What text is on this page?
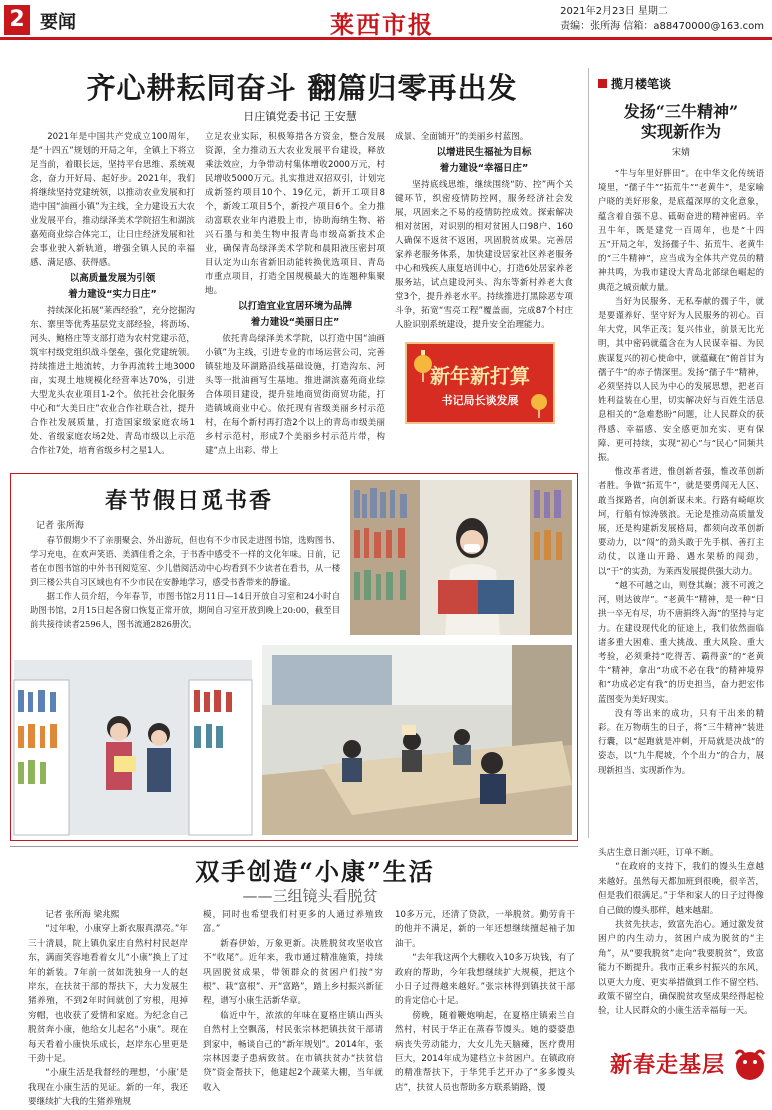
2 要闻	莱西市报	2021年2月23日 星期二
责编：张所海 信箱：a88470000@163.com
齐心耕耘同奋斗 翻篇归零再出发
日庄镇党委书记 王安慧

2021年是中国共产党成立100周年，是“十四五”规划的开局之年，全镇上下将立足当前，着眼长远，坚持平台思维、系统观念，奋力开好局、起好步。2021年，我们将继续坚持党建统领，以推动农业发展和打造中国“油画小镇”为主线，全力建设五大农业发展平台，推动绿泽美术学院招生和湖滨嘉苑商业综合体完工，让日庄经济发展和社会事业驶入新轨道，增强全镇人民的幸福感、满足感、获得感。

以高质量发展为引领
着力建设“实力日庄”

持续深化拓展“莱西经验”，充分挖掘沟东、寨里等优秀基层党支部经验，将沥场、河头、鲍格庄等支部打造为农村党建示范，筑牢村级党组织战斗堡垒，强化党建统领。持续推进土地流转，力争再流转土地3000亩，实现土地规模化经营率达70%，引进大型龙头农业项目1-2个。依托社会化服务中心和“大美日庄”农业合作社联合社，提升合作社发展质量，打造国家级家庭农场1处、省级家庭农场2处、青岛市级以上示范合作社7处，培育省级乡村之星1人。

立足农业实际，积极筹措各方资金，整合发展资源，全力推动五大农业发展平台建设，释放乘法效应，力争带动村集体增收2000万元，村民增收5000万元。扎实推进双招双引，计划完成新签约项目10个、19亿元，新开工项目8个，新竣工项目5个，新投产项目6个。全力推动富联农业年内港股上市，协助海纳生物、裕兴石墨与和美生物申报青岛市级高新技术企业，确保青岛绿泽美术学院和晨阳液压密封项目认定为山东省新旧动能转换优选项目、青岛市重点项目，打造全国规模最大的连翘种集聚地。

以打造宜业宜居环境为品牌
着力建设“美丽日庄”

依托青岛绿泽美术学院，以打造中国“油画小镇”为主线，引进专业的市场运营公司，完善镇驻地及环湖路沿线基础设施，打造沟东、河头等一批油画写生基地。推进湖滨嘉苑商业综合体项目建设，提升驻地商贸街商贸功能，打造镇域商业中心。依托现有省级美丽乡村示范村，在每个新村再打造2个以上的青岛市级美丽乡村示范村，形成7个美丽乡村示范片带，构建“点上出彩、带上

成景、全面铺开”的美丽乡村蓝图。

以增进民生福祉为目标
着力建设“幸福日庄”

坚持底线思维，继续围绕“防、控”两个关键环节，织密疫情防控网，服务经济社会发展，巩固来之不易的疫情防控成效。探索解决相对贫困，对识别的相对贫困人口98户、160人确保不返贫不返困，巩固脱贫成果。完善居家养老服务体系，加快建设居家社区养老服务中心和残疾人康复培训中心，打造6处居家养老服务站，试点建设河头、沟东等新村养老大食堂3个，提升养老水平。持续推进打黑除恶专项斗争，拓宽“雪亮工程”覆盖面，完成87个村庄人脸识别系统建设，提升安全治理能力。

新年新打算
书记局长谈发展
揽月楼笔谈
发扬“三牛精神”
实现新作为
宋婧

“牛与年里好胖田”。在中华文化传统语境里，“孺子牛”“拓荒牛”“老黄牛”，是家喻户晓的美好形象，是底蕴深厚的文化意象，蕴含着自强不息、砥砺奋进的精神密码。辛丑牛年，既是建党一百周年，也是“十四五”开局之年，发扬孺子牛、拓荒牛、老黄牛的“三牛精神”，应当成为全体共产党员的精神共鸣，为我市建设大青岛北部绿色崛起的典范之城贡献力量。

当好为民服务、无私奉献的孺子牛，就是要谨养好、坚守好为人民服务的初心。百年大党，风华正茂；复兴伟业，前景无比光明，其中密码就蕴含在为人民谋幸福、为民族谋复兴的初心使命中，就蕴藏在“俯首甘为孺子牛”的赤子情深里。发扬“孺子牛”精神，必须坚持以人民为中心的发展思想，把老百姓利益装在心里，切实解决好与百姓生活息息相关的“急难愁盼”问题，让人民群众的获得感、幸福感、安全感更加充实、更有保障、更可持续，实现“初心”与“民心”同频共振。

惟改革者进，惟创新者强，惟改革创新者胜。争做“拓荒牛”，就是要勇闯无人区、敢当探路者，向创新谋未来。行路有崎岖坎坷，行船有惊涛骇浪。无论是推动高质量发展，还是构建新发展格局，都须向改革创新要动力，以“闯”的劲头敢于先手棋、善打主动仗，以逢山开路、遇水架桥的闯劲，以“干”的实劲，为莱西发展提供强大动力。

“越不可越之山，则登其巅；渡不可渡之河，则达彼岸”。“老黄牛”精神，是一种“日拱一卒无有尽，功不唐捐终入海”的坚持与定力。在建设现代化的征途上，我们依然面临诸多重大困难、重大挑战、重大风险、重大考验，必须秉持“吃得苦、霸得蛮”的“老黄牛”精神，拿出“功成不必在我”的精神境界和“功成必定有我”的历史担当，奋力把宏伟蓝图变为美好现实。

没有等出来的成功，只有干出来的精彩。在万物萌生的日子，将“三牛精神”装进行囊，以“起跑就是冲刺，开局就是决战”的姿态，以“九牛爬坡，个个出力”的合力，展现新担当、实现新作为。

春节假日觅书香
记者 张所海

春节假期少不了亲朋聚会、外出游玩，但也有不少市民走进图书馆，选购图书、学习充电，在欢声笑语、美酒佳肴之余，于书香中感受不一样的文化年味。日前，记者在市图书馆的中外书刊阅览室、少儿借阅活动中心均看到不少读者在看书，从一楼到三楼公共自习区域也有不少市民在安静地学习，感受书香带来的静谧。

据工作人员介绍，今年春节，市图书馆2月11日—14日开放自习室和24小时自助图书馆，2月15日起各窗口恢复正常开放，期间自习室开放到晚上20:00，截至目前共接待读者2596人，图书流通2826册次。

双手创造“小康”生活
——三组镜头看脱贫
记者 张所海 梁兆熙

“过年啦，小康穿上新衣服真漂亮。”年三十清晨，院上镇仇家庄自然村村民赵岸东，满面笑容地看着女儿“小康”换上了过年的新装。7年前一贫如洗独身一人的赵岸东，在扶贫干部的帮扶下，大力发展生猪养殖，不到2年时间就创了穷根，甩掉穷帽，也收获了爱情和家庭。为纪念自己脱贫奔小康，他给女儿起名“小康”。现在每天看着小康快乐成长，赵岸东心里更是干劲十足。

“小康生活是我督经的理想，‘小康’是我现在小康生活的见证。新的一年，我还要继续扩大我的生猪养殖规

模，同时也希望我们村更多的人通过养殖致富。”

新春伊始，万象更新。决胜脱贫攻坚收官不“收尾”。近年来，我市通过精准施策，持续巩固脱贫成果，带领群众的贫困户们按“穷根”、栽“富根”、开“富路”，踏上乡村振兴新征程，谱写小康生活新华章。

临近中午，浓浓的年味在夏格庄镇山西头自然村上空飘荡，村民张宗林把镇扶贫干部请到家中，畅谈自己的“新年规划”。2014年，张宗林因妻子患病致贫。在市镇扶贫办“扶贫信贷”资金帮扶下，他建起2个蔬菜大棚，当年就收入

10多万元，还清了贷款，一举脱贫。勤劳肯干的他并不满足，新的一年还想继续擅起袖子加油干。

“去年我这两个大棚收入10多万块钱，有了政府的帮助，今年我想继续扩大规模，把这个小日子过得越来越好。”张宗林得到镇扶贫干部的肯定信心十足。

傍晚，随着鞭炮响起，在夏格庄镇索兰自然村，村民于华正在蒸春节馒头。她的婆婆患病丧失劳动能力，大女儿先天脑瘫，医疗费用巨大，2014年成为建档立卡贫困户。在镇政府的精准帮扶下，于华凭手艺开办了“多多馒头店”，扶贫人员也帮助多方联系销路，馒

头店生意日渐兴旺，订单不断。

“在政府的支持下，我们的馒头生意越来越好。虽然每天都加班到很晚，很辛苦，但是我们很满足。”于华和家人的日子过得像自己做的馒头那样，越来越甜。

扶贫先扶志，致富先治心。通过激发贫困户的内生动力，贫困户成为脱贫的“主角”，从“要我脱贫”走向“我要脱贫”，致富能力不断提升。我市正乘乡村振兴的东风，以更大力度、更实举措做到工作不留空档、政策不留空白，确保脱贫攻坚成果经得起检验，让人民群众的小康生活幸福每一天。

新春走基层
